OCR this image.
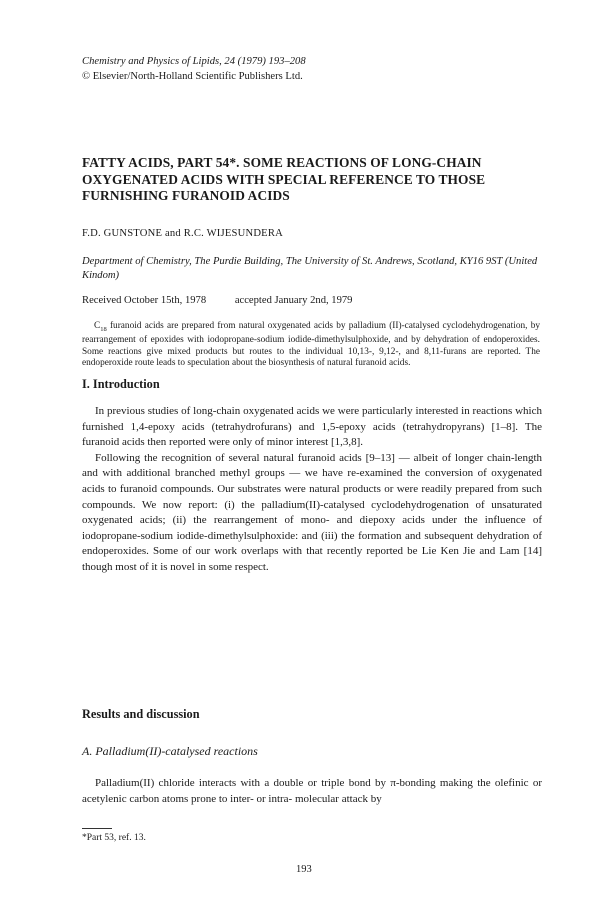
Chemistry and Physics of Lipids, 24 (1979) 193–208
© Elsevier/North-Holland Scientific Publishers Ltd.
FATTY ACIDS, PART 54*. SOME REACTIONS OF LONG-CHAIN OXYGENATED ACIDS WITH SPECIAL REFERENCE TO THOSE FURNISHING FURANOID ACIDS
F.D. GUNSTONE and R.C. WIJESUNDERA
Department of Chemistry, The Purdie Building, The University of St. Andrews, Scotland, KY16 9ST (United Kindom)
Received October 15th, 1978	accepted January 2nd, 1979
$C_{18}$ furanoid acids are prepared from natural oxygenated acids by palladium (II)-catalysed cyclodehydrogenation, by rearrangement of epoxides with iodopropane-sodium iodide-dimethylsulphoxide, and by dehydration of endoperoxides. Some reactions give mixed products but routes to the individual 10,13-, 9,12-, and 8,11-furans are reported. The endoperoxide route leads to speculation about the biosynthesis of natural furanoid acids.
I. Introduction

In previous studies of long-chain oxygenated acids we were particularly interested in reactions which furnished 1,4-epoxy acids (tetrahydrofurans) and 1,5-epoxy acids (tetrahydropyrans) [1–8]. The furanoid acids then reported were only of minor interest [1,3,8].

Following the recognition of several natural furanoid acids [9–13] — albeit of longer chain-length and with additional branched methyl groups — we have re-examined the conversion of oxygenated acids to furanoid compounds. Our substrates were natural products or were readily prepared from such compounds. We now report: (i) the palladium(II)-catalysed cyclodehydrogenation of unsaturated oxygenated acids; (ii) the rearrangement of mono- and diepoxy acids under the influence of iodopropane-sodium iodide-dimethylsulphoxide: and (iii) the formation and subsequent dehydration of endoperoxides. Some of our work overlaps with that recently reported be Lie Ken Jie and Lam [14] though most of it is novel in some respect.

Results and discussion
A. Palladium(II)-catalysed reactions

Palladium(II) chloride interacts with a double or triple bond by π-bonding making the olefinic or acetylenic carbon atoms prone to inter- or intra- molecular attack by

*Part 53, ref. 13.
193
